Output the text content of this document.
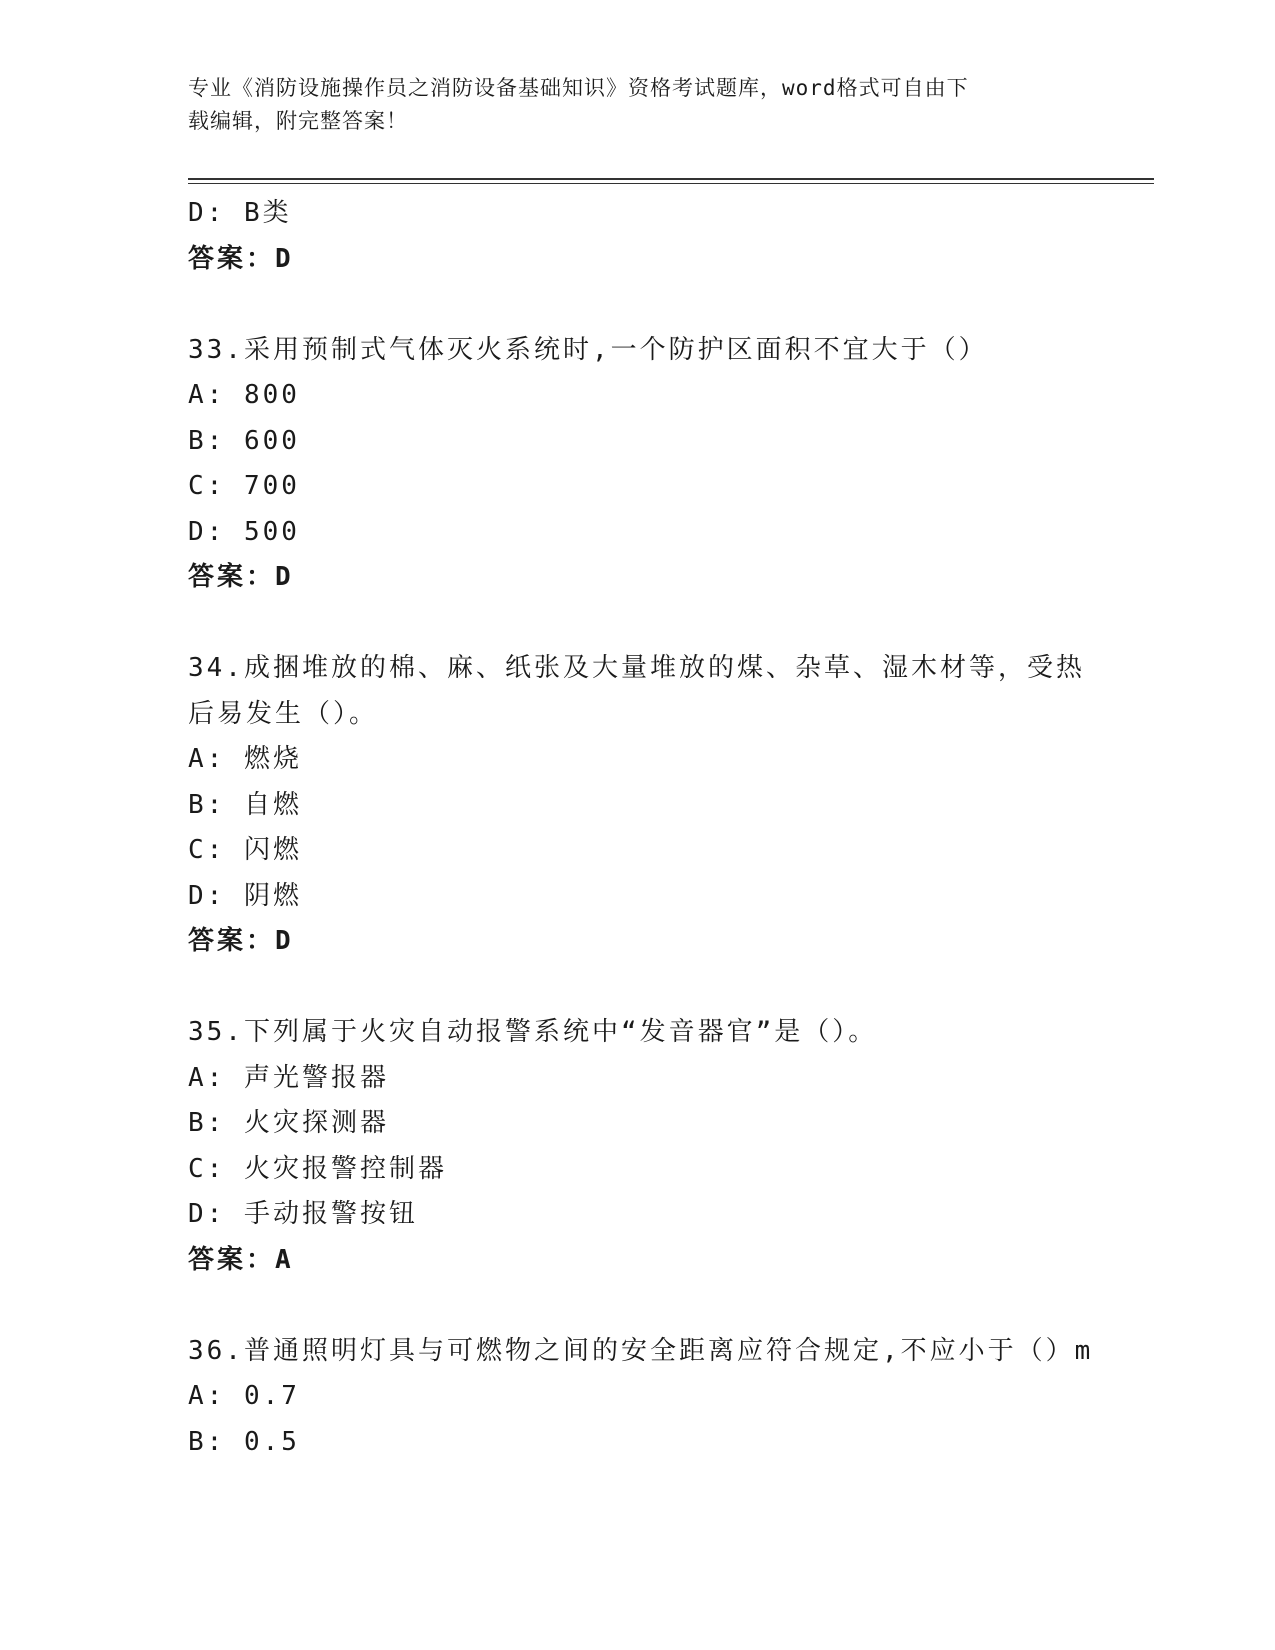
专业《消防设施操作员之消防设备基础知识》资格考试题库，word格式可自由下
载编辑，附完整答案！
D: B类
答案：D
33.采用预制式气体灭火系统时,一个防护区面积不宜大于（）
A: 800
B: 600
C: 700
D: 500
答案：D
34.成捆堆放的棉、麻、纸张及大量堆放的煤、杂草、湿木材等，受热
后易发生（）。
A: 燃烧
B: 自燃
C: 闪燃
D: 阴燃
答案：D
35.下列属于火灾自动报警系统中“发音器官”是（）。
A: 声光警报器
B: 火灾探测器
C: 火灾报警控制器
D: 手动报警按钮
答案：A
36.普通照明灯具与可燃物之间的安全距离应符合规定,不应小于（）m
A: 0.7
B: 0.5
